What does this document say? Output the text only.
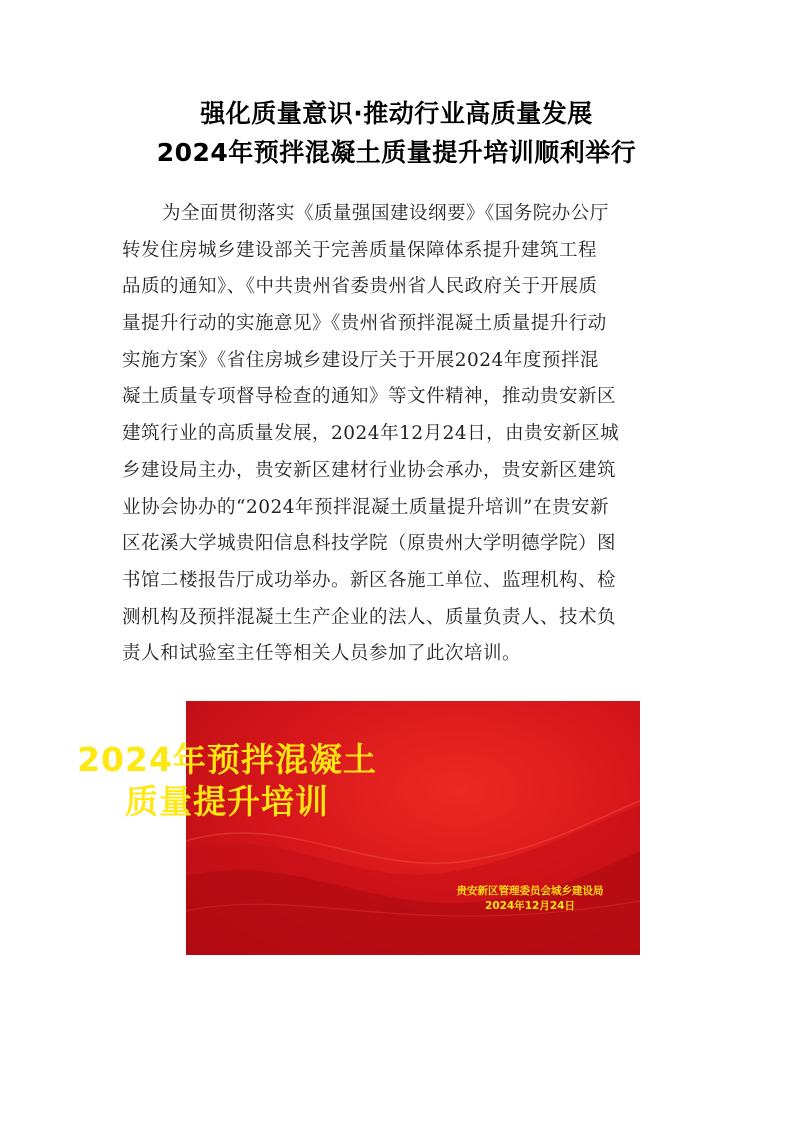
强化质量意识·推动行业高质量发展
2024年预拌混凝土质量提升培训顺利举行
为全面贯彻落实《质量强国建设纲要》《国务院办公厅
转发住房城乡建设部关于完善质量保障体系提升建筑工程
品质的通知》、《中共贵州省委贵州省人民政府关于开展质
量提升行动的实施意见》《贵州省预拌混凝土质量提升行动
实施方案》《省住房城乡建设厅关于开展2024年度预拌混
凝土质量专项督导检查的通知》等文件精神，推动贵安新区
建筑行业的高质量发展，2024年12月24日，由贵安新区城
乡建设局主办，贵安新区建材行业协会承办，贵安新区建筑
业协会协办的“2024年预拌混凝土质量提升培训”在贵安新
区花溪大学城贵阳信息科技学院（原贵州大学明德学院）图
书馆二楼报告厅成功举办。新区各施工单位、监理机构、检
测机构及预拌混凝土生产企业的法人、质量负责人、技术负
责人和试验室主任等相关人员参加了此次培训。
2024年预拌混凝土
质量提升培训
贵安新区管理委员会城乡建设局
2024年12月24日
